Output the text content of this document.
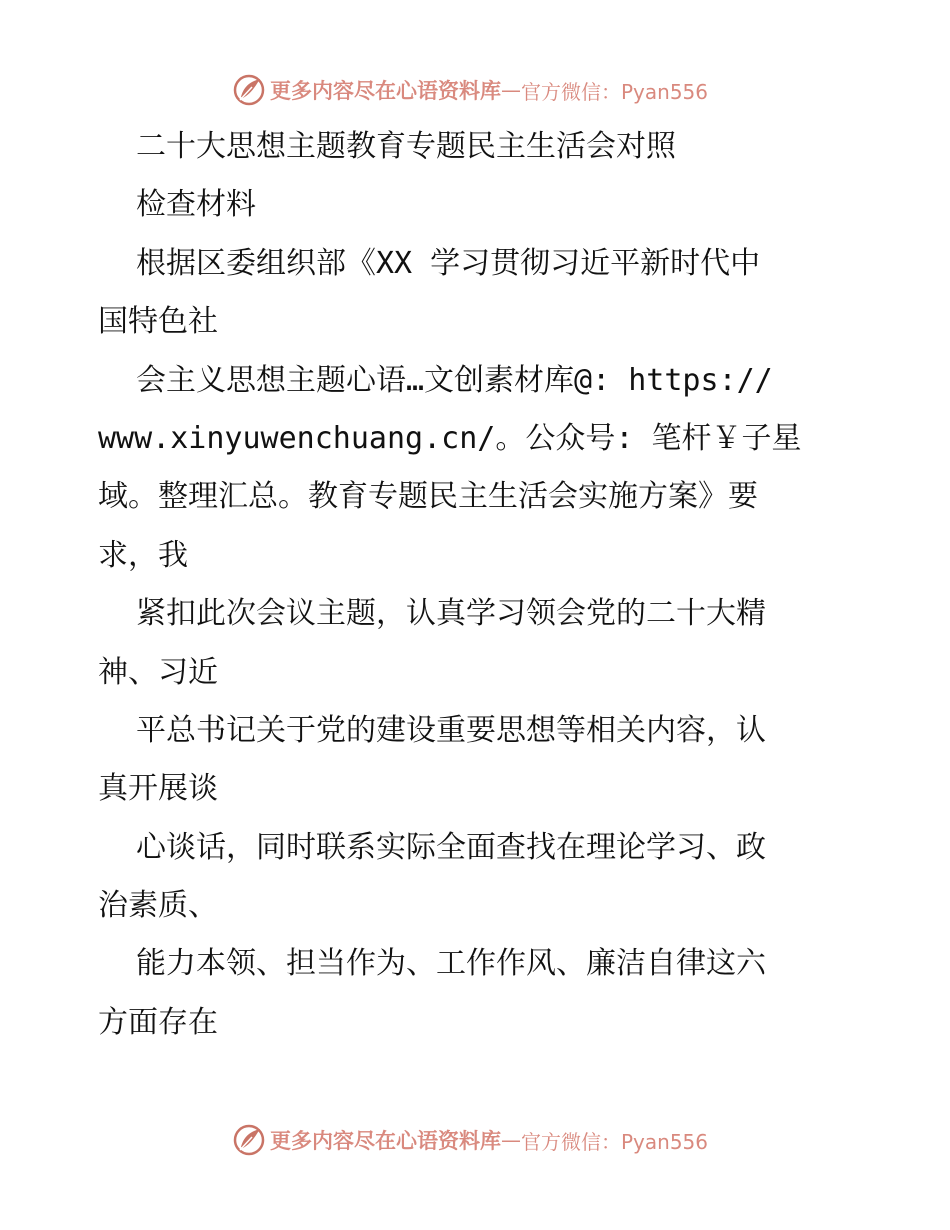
更多内容尽在心语资料库 — 官方微信：Pyan556
二十大思想主题教育专题民主生活会对照
检查材料
根据区委组织部《XX 学习贯彻习近平新时代中
国特色社
会主义思想主题心语…文创素材库@: https://
www.xinyuwenchuang.cn/。公众号: 笔杆￥子星
域。整理汇总。教育专题民主生活会实施方案》要
求，我
紧扣此次会议主题，认真学习领会党的二十大精
神、习近
平总书记关于党的建设重要思想等相关内容，认
真开展谈
心谈话，同时联系实际全面查找在理论学习、政
治素质、
能力本领、担当作为、工作作风、廉洁自律这六
方面存在
更多内容尽在心语资料库 — 官方微信：Pyan556
